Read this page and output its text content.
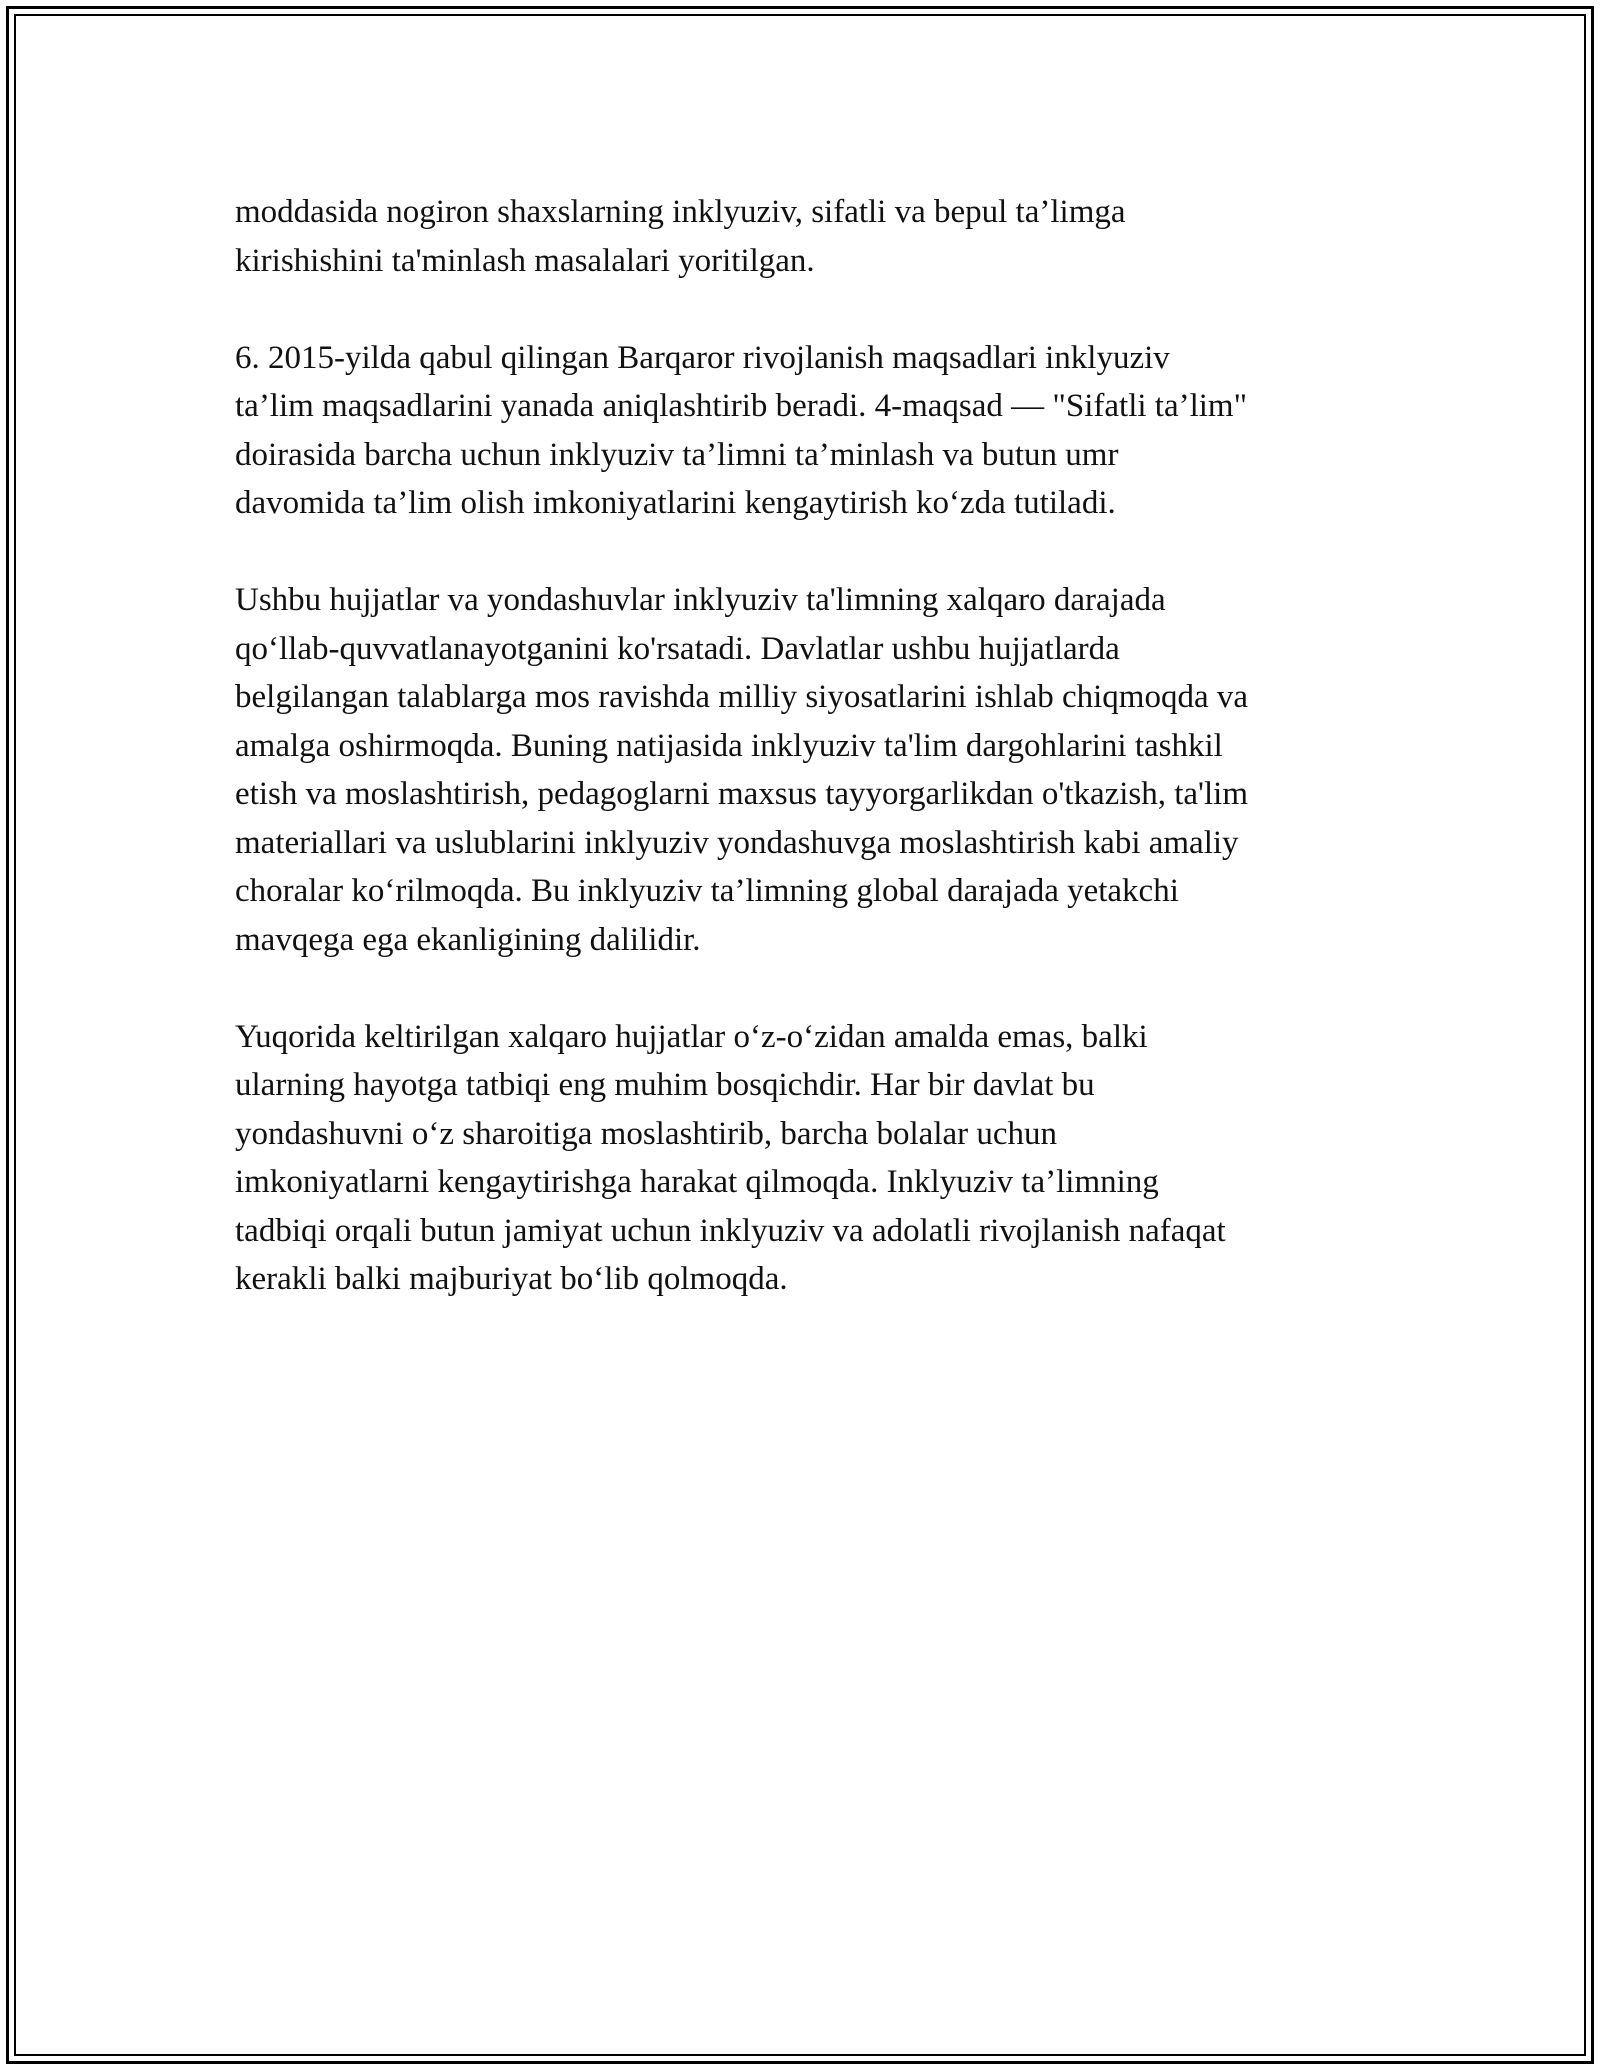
moddasida nogiron shaxslarning inklyuziv, sifatli va bepul ta’limga
kirishishini ta'minlash masalalari yoritilgan.

6. 2015-yilda qabul qilingan Barqaror rivojlanish maqsadlari inklyuziv
ta’lim maqsadlarini yanada aniqlashtirib beradi. 4-maqsad — "Sifatli ta’lim"
doirasida barcha uchun inklyuziv ta’limni ta’minlash va butun umr
davomida ta’lim olish imkoniyatlarini kengaytirish ko‘zda tutiladi.

Ushbu hujjatlar va yondashuvlar inklyuziv ta'limning xalqaro darajada
qo‘llab-quvvatlanayotganini ko'rsatadi. Davlatlar ushbu hujjatlarda
belgilangan talablarga mos ravishda milliy siyosatlarini ishlab chiqmoqda va
amalga oshirmoqda. Buning natijasida inklyuziv ta'lim dargohlarini tashkil
etish va moslashtirish, pedagoglarni maxsus tayyorgarlikdan o'tkazish, ta'lim
materiallari va uslublarini inklyuziv yondashuvga moslashtirish kabi amaliy
choralar ko‘rilmoqda. Bu inklyuziv ta’limning global darajada yetakchi
mavqega ega ekanligining dalilidir.

Yuqorida keltirilgan xalqaro hujjatlar o‘z-o‘zidan amalda emas, balki
ularning hayotga tatbiqi eng muhim bosqichdir. Har bir davlat bu
yondashuvni o‘z sharoitiga moslashtirib, barcha bolalar uchun
imkoniyatlarni kengaytirishga harakat qilmoqda. Inklyuziv ta’limning
tadbiqi orqali butun jamiyat uchun inklyuziv va adolatli rivojlanish nafaqat
kerakli balki majburiyat bo‘lib qolmoqda.
